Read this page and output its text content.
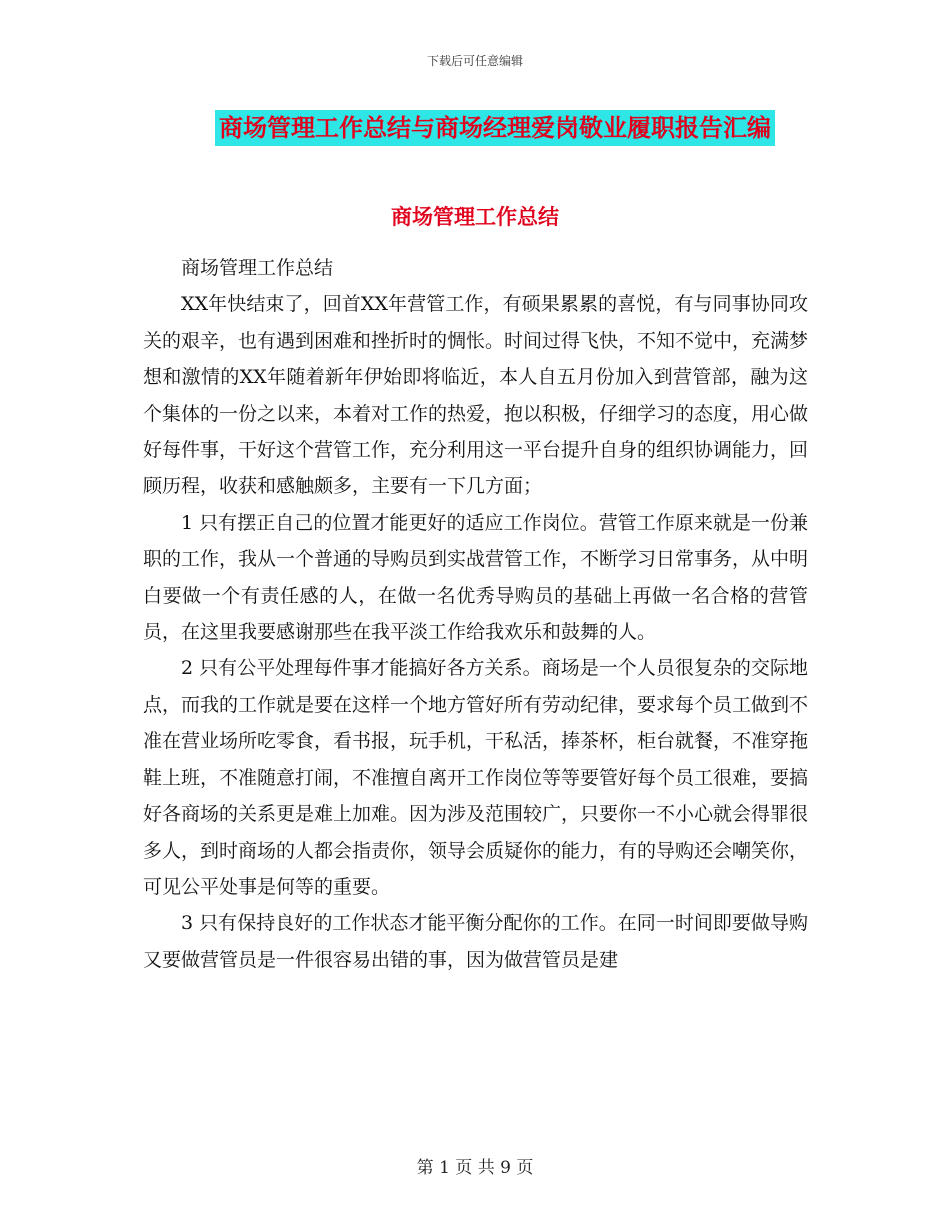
下载后可任意编辑
商场管理工作总结与商场经理爱岗敬业履职报告汇编
商场管理工作总结

商场管理工作总结

XX年快结束了，回首XX年营管工作，有硕果累累的喜悦，有与同事协同攻关的艰辛，也有遇到困难和挫折时的惆怅。时间过得飞快，不知不觉中，充满梦想和激情的XX年随着新年伊始即将临近，本人自五月份加入到营管部，融为这个集体的一份之以来，本着对工作的热爱，抱以积极，仔细学习的态度，用心做好每件事，干好这个营管工作，充分利用这一平台提升自身的组织协调能力，回顾历程，收获和感触颇多，主要有一下几方面；

1 只有摆正自己的位置才能更好的适应工作岗位。营管工作原来就是一份兼职的工作，我从一个普通的导购员到实战营管工作，不断学习日常事务，从中明白要做一个有责任感的人，在做一名优秀导购员的基础上再做一名合格的营管员，在这里我要感谢那些在我平淡工作给我欢乐和鼓舞的人。

2 只有公平处理每件事才能搞好各方关系。商场是一个人员很复杂的交际地点，而我的工作就是要在这样一个地方管好所有劳动纪律，要求每个员工做到不准在营业场所吃零食，看书报，玩手机，干私活，捧茶杯，柜台就餐，不准穿拖鞋上班，不准随意打闹，不准擅自离开工作岗位等等要管好每个员工很难，要搞好各商场的关系更是难上加难。因为涉及范围较广，只要你一不小心就会得罪很多人，到时商场的人都会指责你，领导会质疑你的能力，有的导购还会嘲笑你，可见公平处事是何等的重要。

3 只有保持良好的工作状态才能平衡分配你的工作。在同一时间即要做导购又要做营管员是一件很容易出错的事，因为做营管员是建

第 1 页 共 9 页
